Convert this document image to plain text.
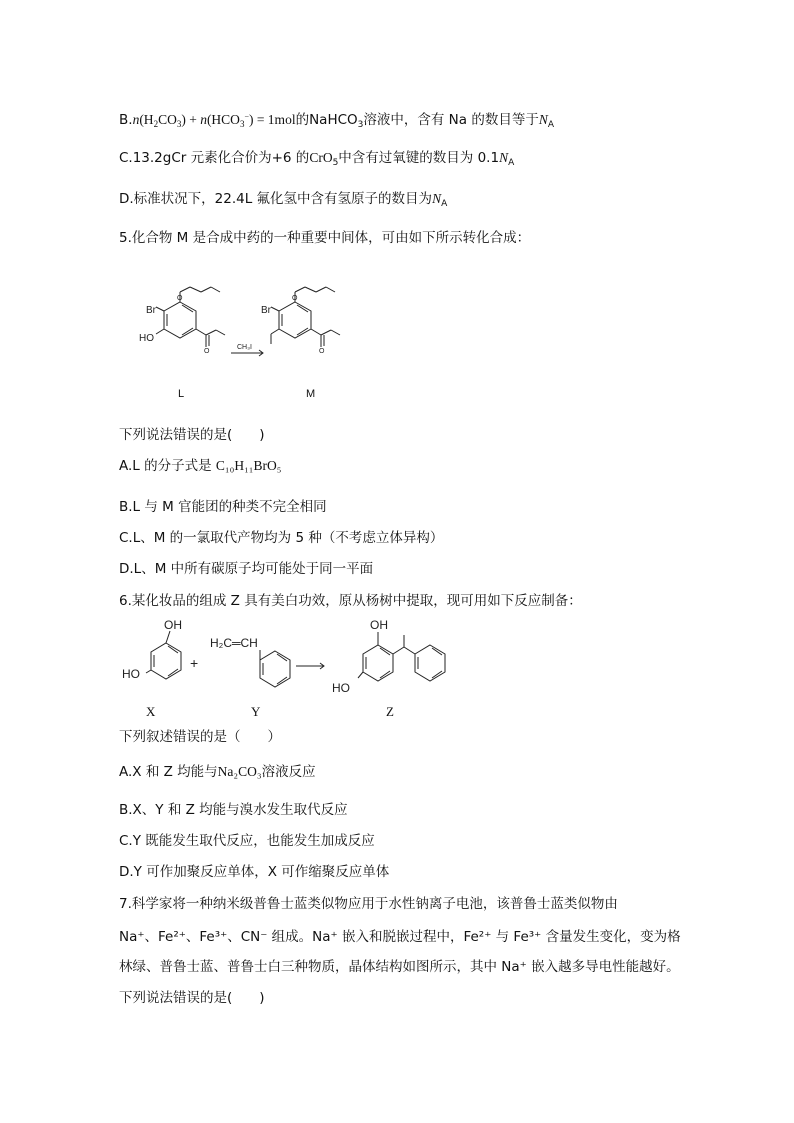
$B.n(H_2CO_3) + n(HCO_3^-) = 1mol$的NaHCO$_3$溶液中，含有 Na 的数目等于$N_A$
C.13.2gCr 元素化合价为+6 的CrO$_5$中含有过氧键的数目为 $0.1N_A$
D.标准状况下，22.4L 氟化氢中含有氢原子的数目为$N_A$
5.化合物 M 是合成中药的一种重要中间体，可由如下所示转化合成：
Br
HO
Br
CH₃I
O	O
O	O
L	M
下列说法错误的是(　　)
A.L 的分子式是 C₁₀H₁₁BrO₅
B.L 与 M 官能团的种类不完全相同
C.L、M 的一氯取代产物均为 5 种（不考虑立体异构）
D.L、M 中所有碳原子均可能处于同一平面
6.某化妆品的组成 Z 具有美白功效，原从杨树中提取，现可用如下反应制备：
OH
HO
H₂C═CH
+
OH
HO
X	Y	Z
下列叙述错误的是（　　）
A.X 和 Z 均能与Na₂CO₃溶液反应
B.X、Y 和 Z 均能与溴水发生取代反应
C.Y 既能发生取代反应，也能发生加成反应
D.Y 可作加聚反应单体，X 可作缩聚反应单体
7.科学家将一种纳米级普鲁士蓝类似物应用于水性钠离子电池，该普鲁士蓝类似物由
Na⁺、Fe²⁺、Fe³⁺、CN⁻ 组成。Na⁺ 嵌入和脱嵌过程中，Fe²⁺ 与 Fe³⁺ 含量发生变化，变为格
林绿、普鲁士蓝、普鲁士白三种物质，晶体结构如图所示，其中 Na⁺ 嵌入越多导电性能越好。
下列说法错误的是(　　)
